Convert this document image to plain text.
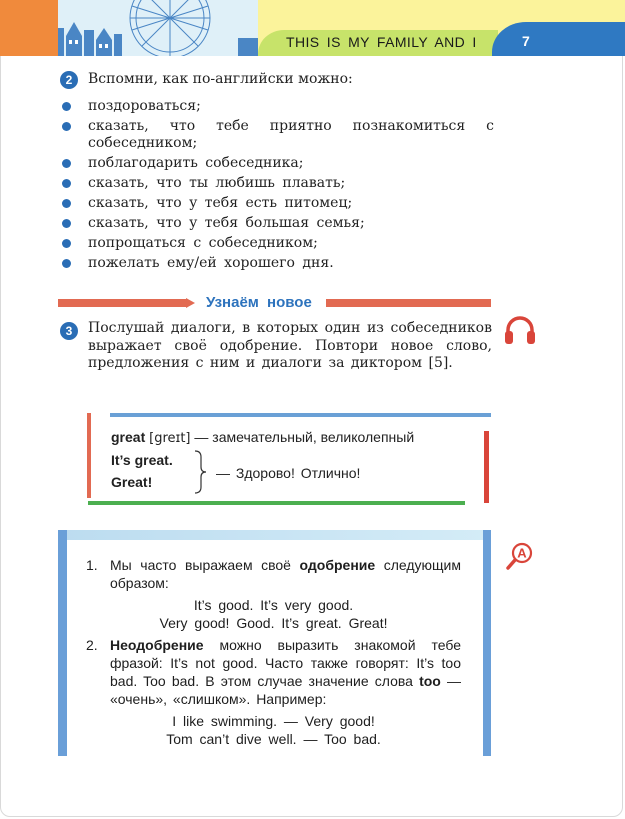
THIS IS MY FAMILY AND I	7
2	Вспомни, как по-английски можно:
поздороваться;
сказать, что тебе приятно познакомиться с
собеседником;
поблагодарить собеседника;
сказать, что ты любишь плавать;
сказать, что у тебя есть питомец;
сказать, что у тебя большая семья;
попрощаться с собеседником;
пожелать ему/ей хорошего дня.
Узнаём новое
3	Послушай диалоги, в которых один из собеседников выражает своё одобрение. Повтори новое слово, предложения с ним и диалоги за диктором [5].
great [greɪt] — замечательный, великолепный
It’s great.
Great!
— Здорово! Отлично!
A
1. Мы часто выражаем своё одобрение следующим образом:
It’s good. It’s very good.
Very good! Good. It’s great. Great!
2. Неодобрение можно выразить знакомой тебе фразой: It’s not good. Часто также говорят: It’s too bad. Too bad. В этом случае значение слова too — «очень», «слишком». Например:
I like swimming. — Very good!
Tom can’t dive well. — Too bad.
